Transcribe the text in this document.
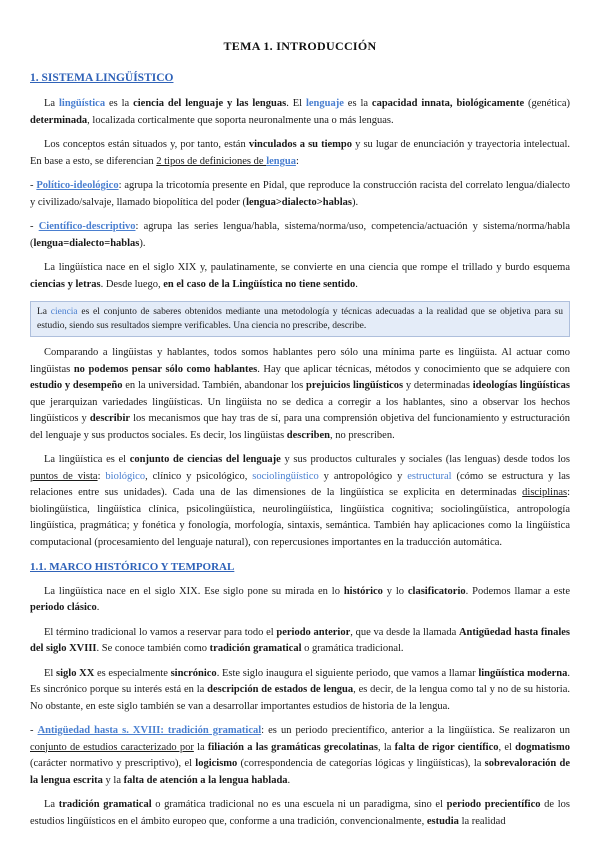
TEMA 1. INTRODUCCIÓN
1. SISTEMA LINGÜÍSTICO

La lingüística es la ciencia del lenguaje y las lenguas. El lenguaje es la capacidad innata, biológicamente (genética) determinada, localizada corticalmente que soporta neuronalmente una o más lenguas.

Los conceptos están situados y, por tanto, están vinculados a su tiempo y su lugar de enunciación y trayectoria intelectual. En base a esto, se diferencian 2 tipos de definiciones de lengua:

- Político-ideológico: agrupa la tricotomía presente en Pidal, que reproduce la construcción racista del correlato lengua/dialecto y civilizado/salvaje, llamado biopolítica del poder (lengua>dialecto>hablas).

- Científico-descriptivo: agrupa las series lengua/habla, sistema/norma/uso, competencia/actuación y sistema/norma/habla (lengua=dialecto=hablas).

La lingüística nace en el siglo XIX y, paulatinamente, se convierte en una ciencia que rompe el trillado y burdo esquema ciencias y letras. Desde luego, en el caso de la Lingüística no tiene sentido.

La ciencia es el conjunto de saberes obtenidos mediante una metodología y técnicas adecuadas a la realidad que se objetiva para su estudio, siendo sus resultados siempre verificables. Una ciencia no prescribe, describe.

Comparando a lingüistas y hablantes, todos somos hablantes pero sólo una mínima parte es lingüista. Al actuar como lingüistas no podemos pensar sólo como hablantes. Hay que aplicar técnicas, métodos y conocimiento que se adquiere con estudio y desempeño en la universidad. También, abandonar los prejuicios lingüísticos y determinadas ideologías lingüísticas que jerarquizan variedades lingüísticas. Un lingüista no se dedica a corregir a los hablantes, sino a observar los hechos lingüísticos y describir los mecanismos que hay tras de sí, para una comprensión objetiva del funcionamiento y estructuración del lenguaje y sus productos sociales. Es decir, los lingüistas describen, no prescriben.

La lingüística es el conjunto de ciencias del lenguaje y sus productos culturales y sociales (las lenguas) desde todos los puntos de vista: biológico, clínico y psicológico, sociolingüístico y antropológico y estructural (cómo se estructura y las relaciones entre sus unidades). Cada una de las dimensiones de la lingüística se explicita en determinadas disciplinas: biolingüística, lingüística clínica, psicolingüística, neurolingüística, lingüística cognitiva; sociolingüística, antropología lingüística, pragmática; y fonética y fonología, morfología, sintaxis, semántica. También hay aplicaciones como la lingüística computacional (procesamiento del lenguaje natural), con repercusiones importantes en la traducción automática.

1.1. MARCO HISTÓRICO Y TEMPORAL

La lingüística nace en el siglo XIX. Ese siglo pone su mirada en lo histórico y lo clasificatorio. Podemos llamar a este periodo clásico.

El término tradicional lo vamos a reservar para todo el periodo anterior, que va desde la llamada Antigüedad hasta finales del siglo XVIII. Se conoce también como tradición gramatical o gramática tradicional.

El siglo XX es especialmente sincrónico. Este siglo inaugura el siguiente periodo, que vamos a llamar lingüística moderna. Es sincrónico porque su interés está en la descripción de estados de lengua, es decir, de la lengua como tal y no de su historia. No obstante, en este siglo también se van a desarrollar importantes estudios de historia de la lengua.

- Antigüedad hasta s. XVIII: tradición gramatical: es un periodo precientífico, anterior a la lingüística. Se realizaron un conjunto de estudios caracterizado por la filiación a las gramáticas grecolatinas, la falta de rigor científico, el dogmatismo (carácter normativo y prescriptivo), el logicismo (correspondencia de categorías lógicas y lingüísticas), la sobrevaloración de la lengua escrita y la falta de atención a la lengua hablada.

La tradición gramatical o gramática tradicional no es una escuela ni un paradigma, sino el periodo precientífico de los estudios lingüísticos en el ámbito europeo que, conforme a una tradición, convencionalmente, estudia la realidad
